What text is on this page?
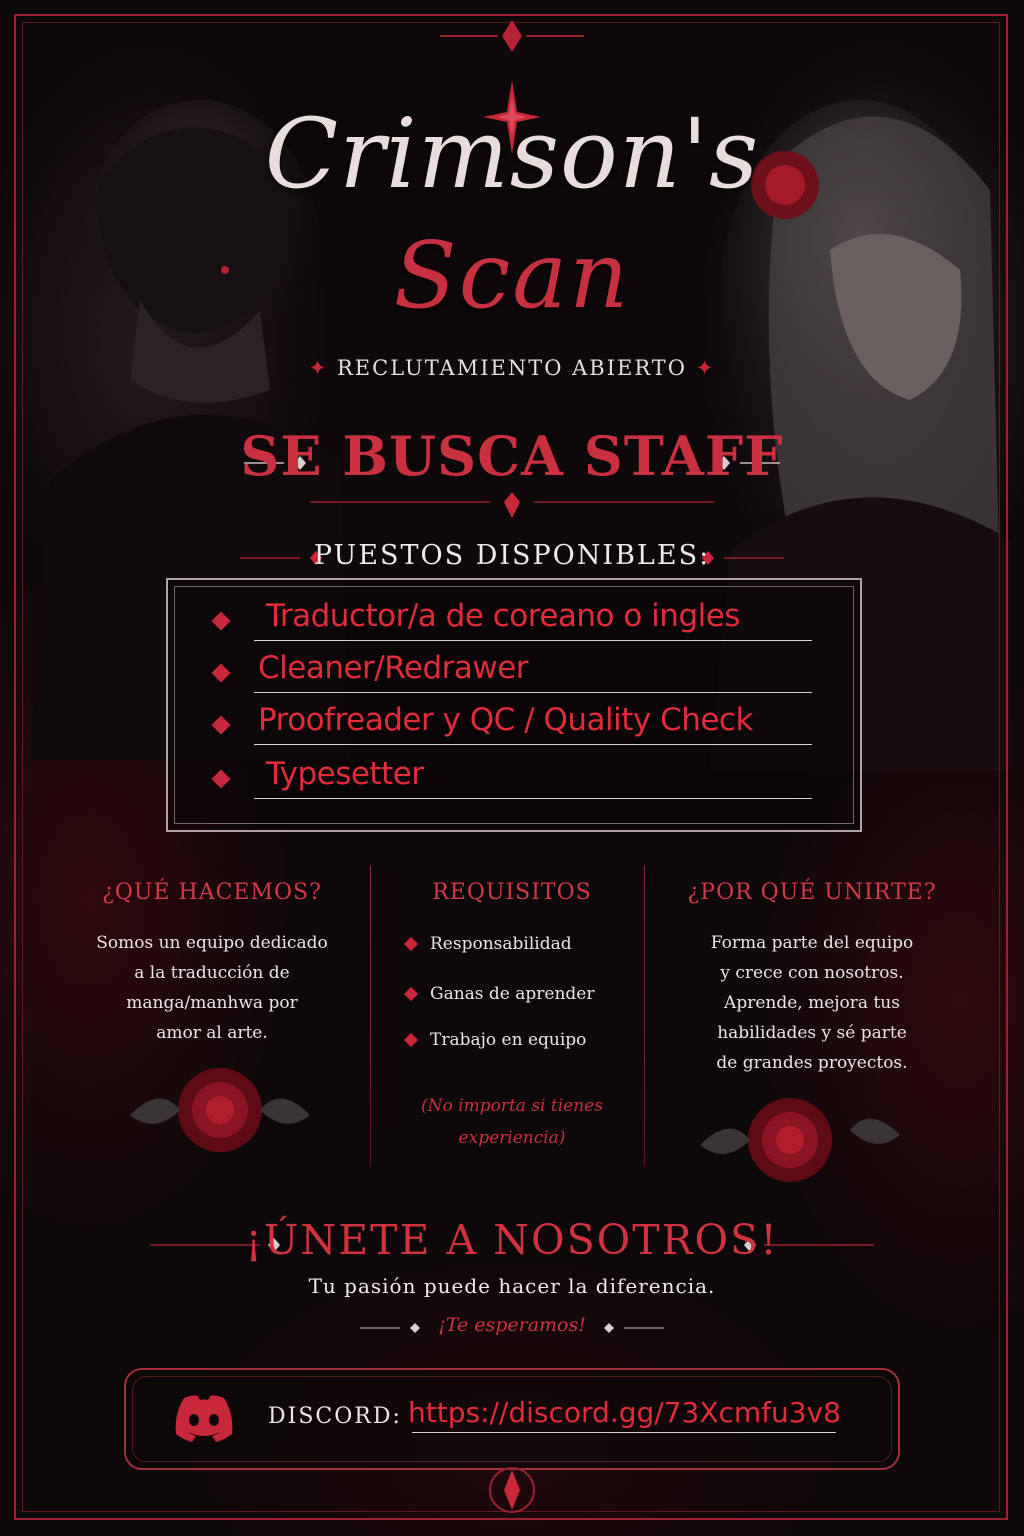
Crimson's
Scan
✦ RECLUTAMIENTO ABIERTO ✦
SE BUSCA STAFF
PUESTOS DISPONIBLES:
Traductor/a de coreano o ingles
Cleaner/Redrawer
Proofreader y QC / Quality Check
Typesetter
¿QUÉ HACEMOS?
Somos un equipo dedicado
a la traducción de
manga/manhwa por
amor al arte.
REQUISITOS
Responsabilidad
Ganas de aprender
Trabajo en equipo
(No importa si tienes
experiencia)
¿POR QUÉ UNIRTE?
Forma parte del equipo
y crece con nosotros.
Aprende, mejora tus
habilidades y sé parte
de grandes proyectos.
¡ÚNETE A NOSOTROS!
Tu pasión puede hacer la diferencia.
¡Te esperamos!
DISCORD: https://discord.gg/73Xcmfu3v8
